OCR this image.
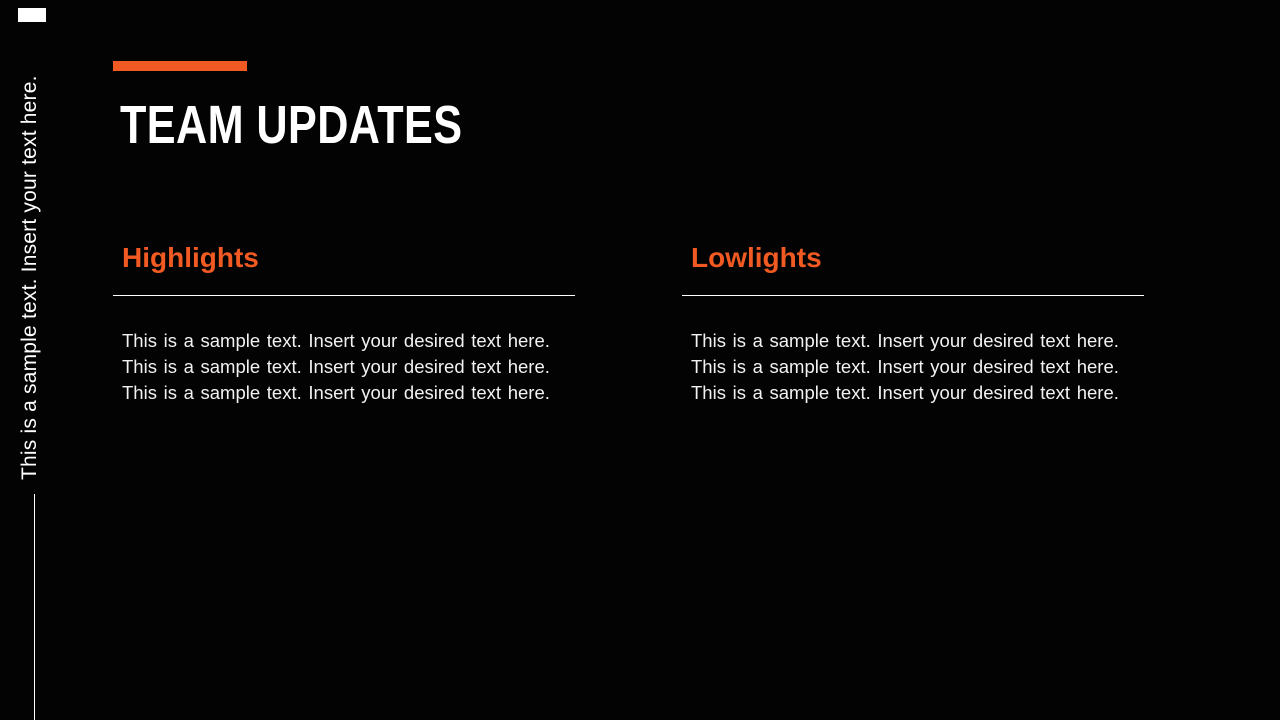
This is a sample text. Insert your text here. TEAM UPDATES
Highlights
This is a sample text. Insert your desired text here. This is a sample text. Insert your desired text here. This is a sample text. Insert your desired text here.
Lowlights
This is a sample text. Insert your desired text here. This is a sample text. Insert your desired text here. This is a sample text. Insert your desired text here.
